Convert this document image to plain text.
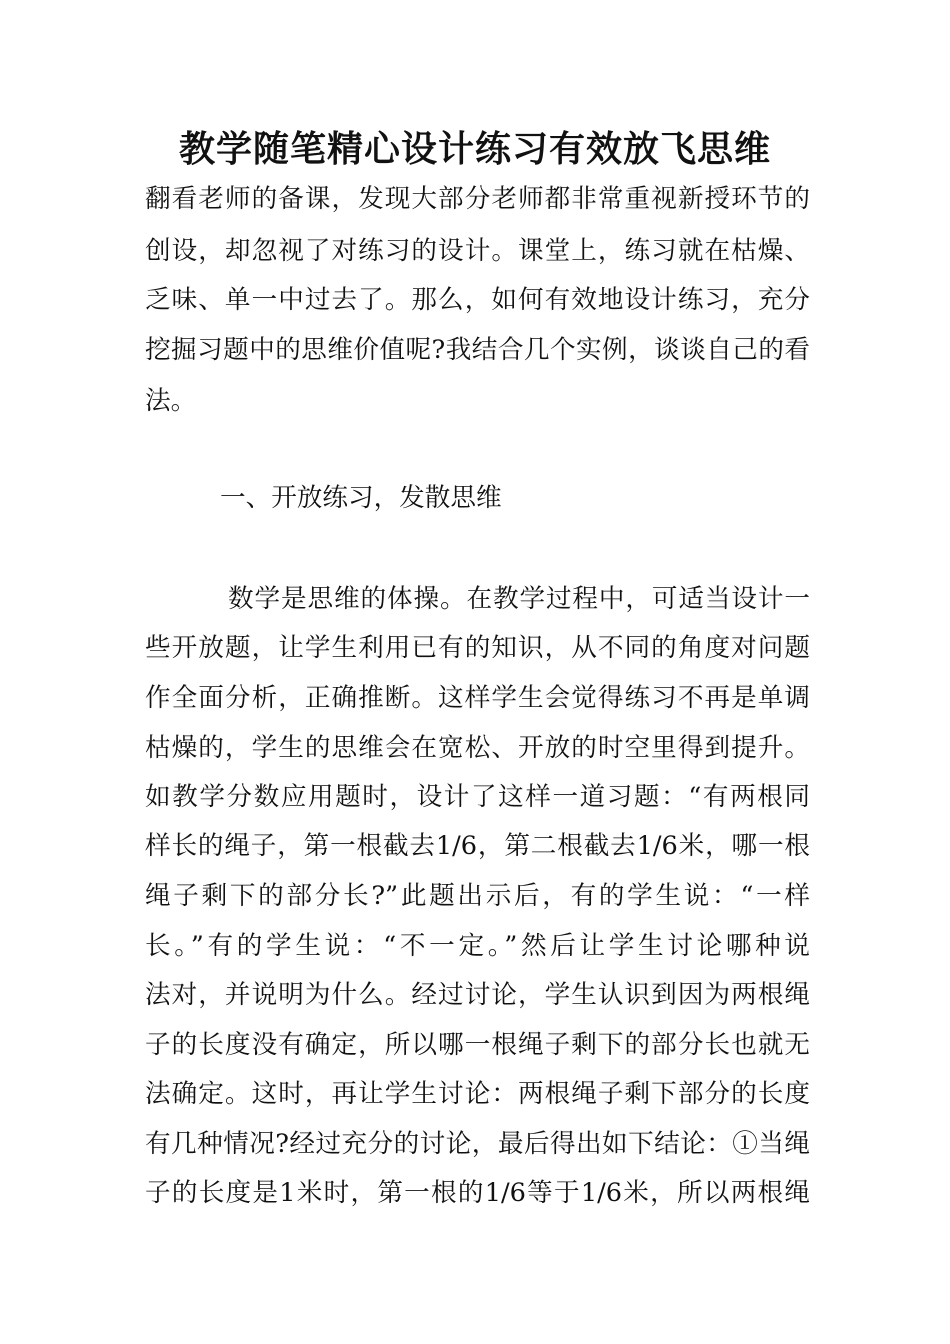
教学随笔精心设计练习有效放飞思维
翻看老师的备课，发现大部分老师都非常重视新授环节的
创设，却忽视了对练习的设计。课堂上，练习就在枯燥、
乏味、单一中过去了。那么，如何有效地设计练习，充分
挖掘习题中的思维价值呢?我结合几个实例，谈谈自己的看
法。
一、开放练习，发散思维
数学是思维的体操。在教学过程中，可适当设计一
些开放题，让学生利用已有的知识，从不同的角度对问题
作全面分析，正确推断。这样学生会觉得练习不再是单调
枯燥的，学生的思维会在宽松、开放的时空里得到提升。
如教学分数应用题时，设计了这样一道习题：“有两根同
样长的绳子，第一根截去1/6，第二根截去1/6米，哪一根
绳子剩下的部分长?”此题出示后，有的学生说：“一样
长。”有的学生说：“不一定。”然后让学生讨论哪种说
法对，并说明为什么。经过讨论，学生认识到因为两根绳
子的长度没有确定，所以哪一根绳子剩下的部分长也就无
法确定。这时，再让学生讨论：两根绳子剩下部分的长度
有几种情况?经过充分的讨论，最后得出如下结论：①当绳
子的长度是1米时，第一根的1/6等于1/6米，所以两根绳
